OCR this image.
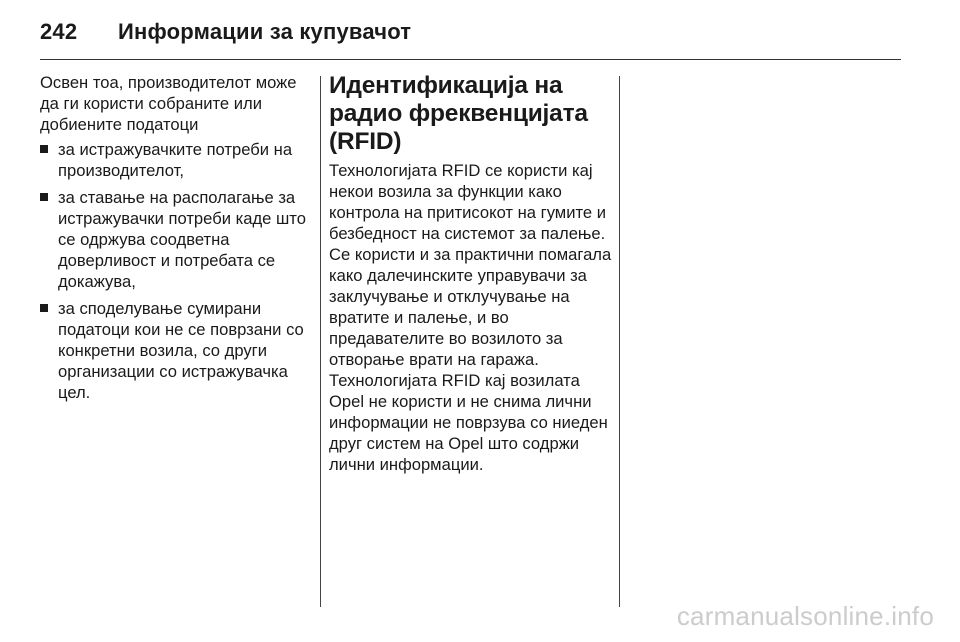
242	Информации за купувачот

Освен тоа, производителот може да ги користи собраните или добиените податоци

за истражувачките потреби на производителот,
за ставање на располагање за истражувачки потреби каде што се одржува соодветна доверливост и потребата се докажува,
за споделување сумирани податоци кои не се поврзани со конкретни возила, со други организации со истражувачка цел.
Идентификација на радио фреквенцијата (RFID)

Технологијата RFID се користи кај некои возила за функции како контрола на притисокот на гумите и безбедност на системот за палење. Се користи и за практични помагала како далечинските управувачи за заклучување и отклучување на вратите и палење, и во предавателите во возилото за отворање врати на гаража. Технологијата RFID кај возилата Opel не користи и не снима лични информации не поврзува со ниеден друг систем на Opel што содржи лични информации.

carmanualsonline.info
